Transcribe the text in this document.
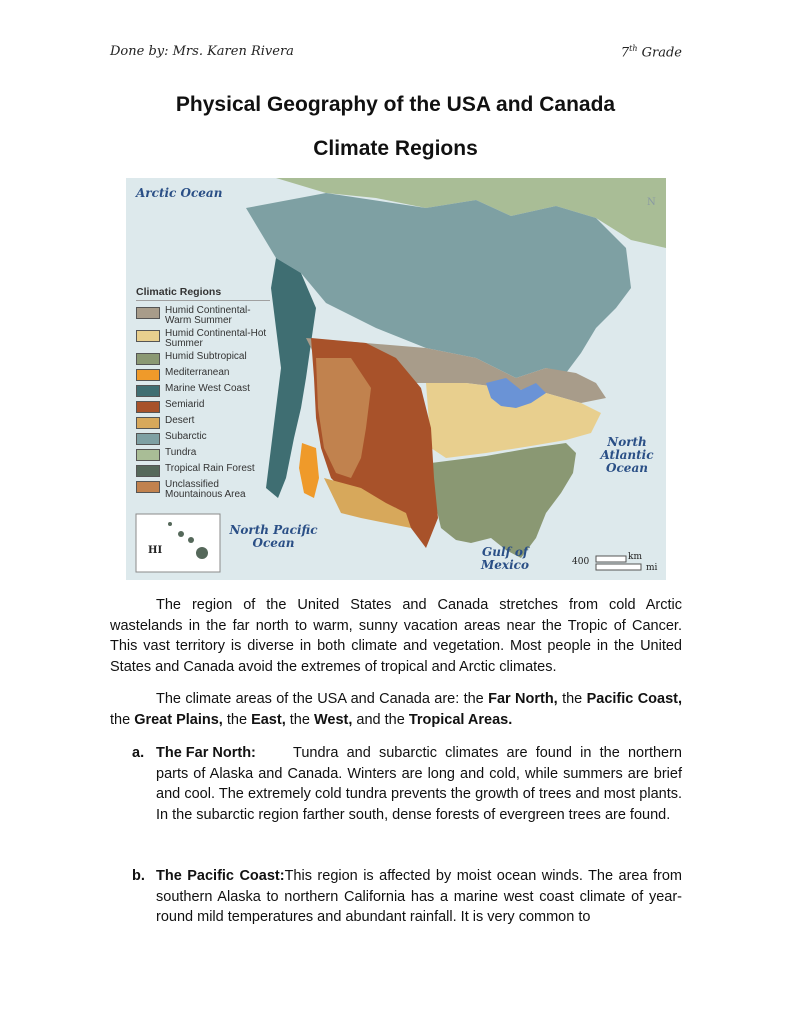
Done by: Mrs. Karen Rivera	7th Grade
Physical Geography of the USA and Canada
Climate Regions
Climatic Regions
Humid Continental-Warm Summer
Humid Continental-Hot Summer
Humid Subtropical
Mediterranean
Marine West Coast
Semiarid
Desert
Subarctic
Tundra
Tropical Rain Forest
Unclassified Mountainous Area
Arctic Ocean
North Atlantic Ocean
North Pacific Ocean
Gulf of Mexico
HI
400	km
mi
N
The region of the United States and Canada stretches from cold Arctic wastelands in the far north to warm, sunny vacation areas near the Tropic of Cancer. This vast territory is diverse in both climate and vegetation. Most people in the United States and Canada avoid the extremes of tropical and Arctic climates.
The climate areas of the USA and Canada are: the Far North, the Pacific Coast, the Great Plains, the East, the West, and the Tropical Areas.
a. The Far North:	Tundra and subarctic climates are found in the northern parts of Alaska and Canada. Winters are long and cold, while summers are brief and cool. The extremely cold tundra prevents the growth of trees and most plants. In the subarctic region farther south, dense forests of evergreen trees are found.
b. The Pacific Coast:This region is affected by moist ocean winds. The area from southern Alaska to northern California has a marine west coast climate of year-round mild temperatures and abundant rainfall. It is very common to
